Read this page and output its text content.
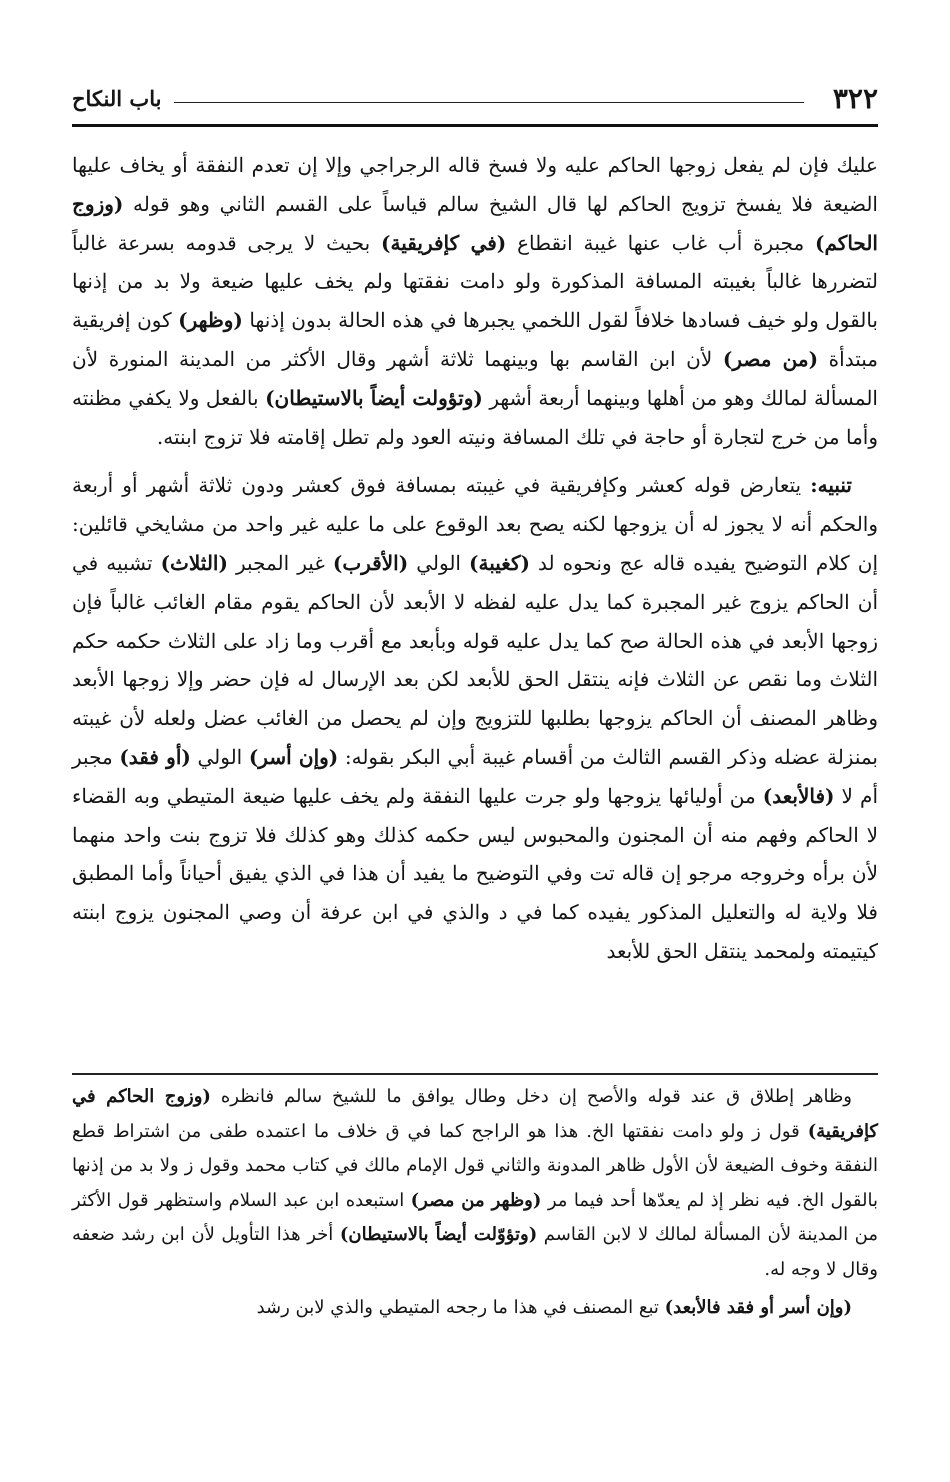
٣٢٢
باب النكاح

عليك فإن لم يفعل زوجها الحاكم عليه ولا فسخ قاله الرجراجي وإلا إن تعدم النفقة أو يخاف عليها الضيعة فلا يفسخ تزويج الحاكم لها قال الشيخ سالم قياساً على القسم الثاني وهو قوله (وزوج الحاكم) مجبرة أب غاب عنها غيبة انقطاع (في كإفريقية) بحيث لا يرجى قدومه بسرعة غالباً لتضررها غالباً بغيبته المسافة المذكورة ولو دامت نفقتها ولم يخف عليها ضيعة ولا بد من إذنها بالقول ولو خيف فسادها خلافاً لقول اللخمي يجبرها في هذه الحالة بدون إذنها (وظهر) كون إفريقية مبتدأة (من مصر) لأن ابن القاسم بها وبينهما ثلاثة أشهر وقال الأكثر من المدينة المنورة لأن المسألة لمالك وهو من أهلها وبينهما أربعة أشهر (وتؤولت أيضاً بالاستيطان) بالفعل ولا يكفي مظنته وأما من خرج لتجارة أو حاجة في تلك المسافة ونيته العود ولم تطل إقامته فلا تزوج ابنته.

تنبيه: يتعارض قوله كعشر وكإفريقية في غيبته بمسافة فوق كعشر ودون ثلاثة أشهر أو أربعة والحكم أنه لا يجوز له أن يزوجها لكنه يصح بعد الوقوع على ما عليه غير واحد من مشايخي قائلين: إن كلام التوضيح يفيده قاله عج ونحوه لد (كغيبة) الولي (الأقرب) غير المجبر (الثلاث) تشبيه في أن الحاكم يزوج غير المجبرة كما يدل عليه لفظه لا الأبعد لأن الحاكم يقوم مقام الغائب غالباً فإن زوجها الأبعد في هذه الحالة صح كما يدل عليه قوله وبأبعد مع أقرب وما زاد على الثلاث حكمه حكم الثلاث وما نقص عن الثلاث فإنه ينتقل الحق للأبعد لكن بعد الإرسال له فإن حضر وإلا زوجها الأبعد وظاهر المصنف أن الحاكم يزوجها بطلبها للتزويج وإن لم يحصل من الغائب عضل ولعله لأن غيبته بمنزلة عضله وذكر القسم الثالث من أقسام غيبة أبي البكر بقوله: (وإن أسر) الولي (أو فقد) مجبر أم لا (فالأبعد) من أوليائها يزوجها ولو جرت عليها النفقة ولم يخف عليها ضيعة المتيطي وبه القضاء لا الحاكم وفهم منه أن المجنون والمحبوس ليس حكمه كذلك وهو كذلك فلا تزوج بنت واحد منهما لأن برأه وخروجه مرجو إن قاله تت وفي التوضيح ما يفيد أن هذا في الذي يفيق أحياناً وأما المطبق فلا ولاية له والتعليل المذكور يفيده كما في د والذي في ابن عرفة أن وصي المجنون يزوج ابنته كيتيمته ولمحمد ينتقل الحق للأبعد

وظاهر إطلاق ق عند قوله والأصح إن دخل وطال يوافق ما للشيخ سالم فانظره (وزوج الحاكم في كإفريقية) قول ز ولو دامت نفقتها الخ. هذا هو الراجح كما في ق خلاف ما اعتمده طفى من اشتراط قطع النفقة وخوف الضيعة لأن الأول ظاهر المدونة والثاني قول الإمام مالك في كتاب محمد وقول ز ولا بد من إذنها بالقول الخ. فيه نظر إذ لم يعدّها أحد فيما مر (وظهر من مصر) استبعده ابن عبد السلام واستظهر قول الأكثر من المدينة لأن المسألة لمالك لا لابن القاسم (وتؤوّلت أيضاً بالاستيطان) أخر هذا التأويل لأن ابن رشد ضعفه وقال لا وجه له.

(وإن أسر أو فقد فالأبعد) تبع المصنف في هذا ما رجحه المتيطي والذي لابن رشد
